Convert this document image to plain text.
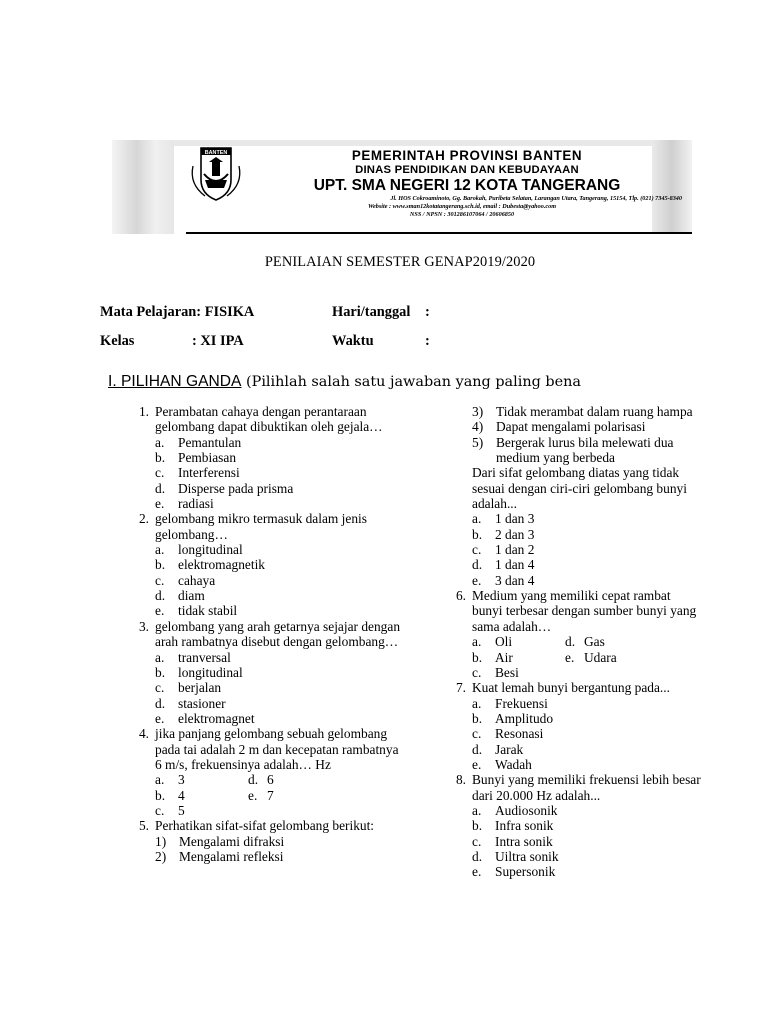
BANTEN	PEMERINTAH PROVINSI BANTEN
DINAS PENDIDIKAN DAN KEBUDAYAAN
UPT. SMA NEGERI 12 KOTA TANGERANG
Jl. HOS Cokroaminoto, Gg. Barokah, Puribeta Selatan, Larangan Utara, Tangerang, 15154, Tlp. (021) 7345-8340
Website : www.sman12kotatangerang.sch.id, email : Dubesta@yahoo.com
NSS / NPSN : 301286107064 / 20606850
PENILAIAN SEMESTER GENAP2019/2020
Mata Pelajaran: FISIKA	Hari/tanggal :
Kelas	: XI IPA	Waktu	:
I. PILIHAN GANDA (Pilihlah salah satu jawaban yang paling bena
1. Perambatan cahaya dengan perantaraan gelombang dapat dibuktikan oleh gejala…
a. Pemantulan
b. Pembiasan
c. Interferensi
d. Disperse pada prisma
e. radiasi
2. gelombang mikro termasuk dalam jenis gelombang…
a. longitudinal
b. elektromagnetik
c. cahaya
d. diam
e. tidak stabil
3. gelombang yang arah getarnya sejajar dengan arah rambatnya disebut dengan gelombang…
a. tranversal
b. longitudinal
c. berjalan
d. stasioner
e. elektromagnet
4. jika panjang gelombang sebuah gelombang pada tai adalah 2 m dan kecepatan rambatnya 6 m/s, frekuensinya adalah… Hz
a. 3	d. 6
b. 4	e. 7
c. 5
5. Perhatikan sifat-sifat gelombang berikut:
1) Mengalami difraksi
2) Mengalami refleksi
3) Tidak merambat dalam ruang hampa
4) Dapat mengalami polarisasi
5) Bergerak lurus bila melewati dua medium yang berbeda
Dari sifat gelombang diatas yang tidak sesuai dengan ciri-ciri gelombang bunyi adalah...
a. 1 dan 3
b. 2 dan 3
c. 1 dan 2
d. 1 dan 4
e. 3 dan 4
6. Medium yang memiliki cepat rambat bunyi terbesar dengan sumber bunyi yang sama adalah…
a. Oli	d. Gas
b. Air	e. Udara
c. Besi
7. Kuat lemah bunyi bergantung pada...
a. Frekuensi
b. Amplitudo
c. Resonasi
d. Jarak
e. Wadah
8. Bunyi yang memiliki frekuensi lebih besar dari 20.000 Hz adalah...
a. Audiosonik
b. Infra sonik
c. Intra sonik
d. Uiltra sonik
e. Supersonik
